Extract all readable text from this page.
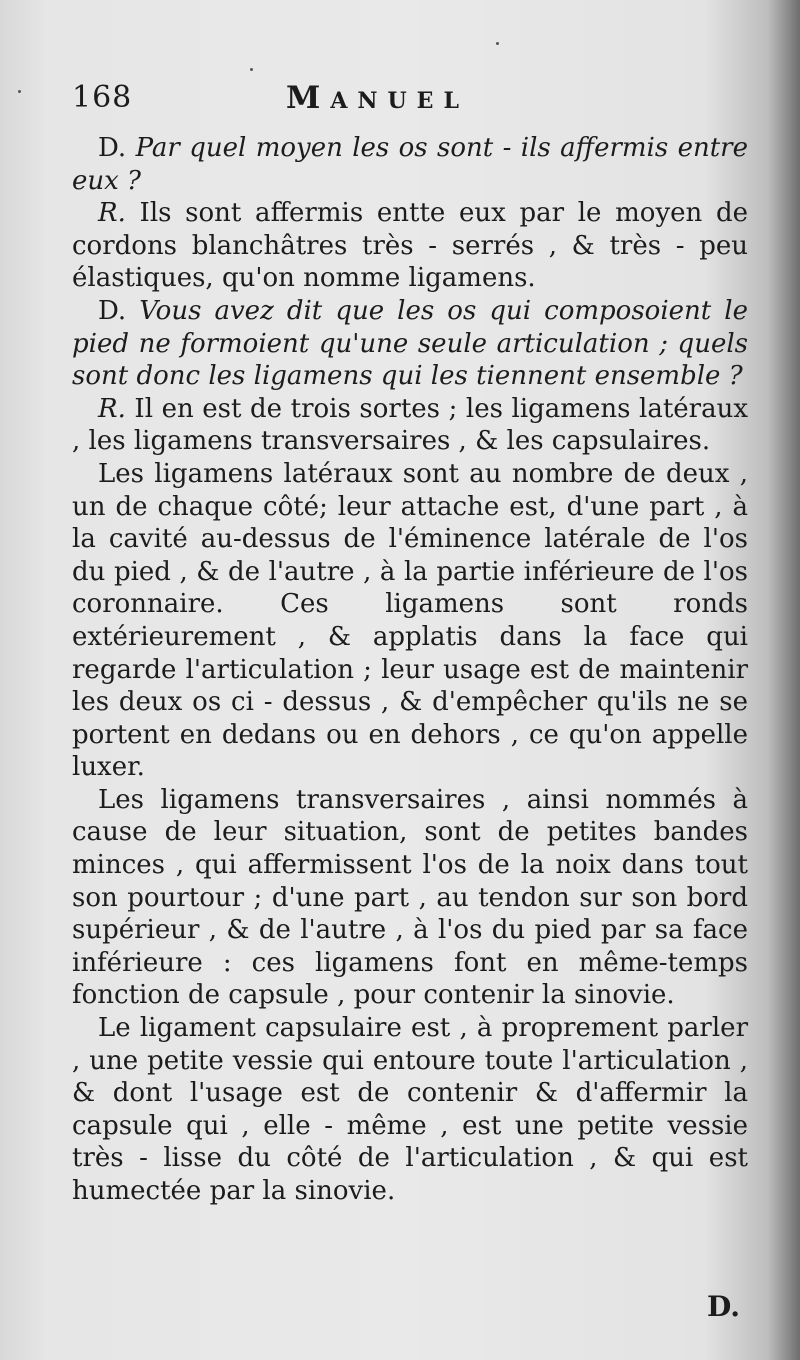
168	Manuel

D. Par quel moyen les os sont - ils affermis entre eux ?

R. Ils sont affermis entte eux par le moyen de cordons blanchâtres très - serrés , & très - peu élastiques, qu'on nomme ligamens.

D. Vous avez dit que les os qui composoient le pied ne formoient qu'une seule articulation ; quels sont donc les ligamens qui les tiennent ensemble ?

R. Il en est de trois sortes ; les ligamens latéraux , les ligamens transversaires , & les capsulaires.

Les ligamens latéraux sont au nombre de deux , un de chaque côté; leur attache est, d'une part , à la cavité au-dessus de l'éminence latérale de l'os du pied , & de l'autre , à la partie inférieure de l'os coronnaire. Ces ligamens sont ronds extérieurement , & applatis dans la face qui regarde l'articulation ; leur usage est de maintenir les deux os ci - dessus , & d'empêcher qu'ils ne se portent en dedans ou en dehors , ce qu'on appelle luxer.

Les ligamens transversaires , ainsi nommés à cause de leur situation, sont de petites bandes minces , qui affermissent l'os de la noix dans tout son pourtour ; d'une part , au tendon sur son bord supérieur , & de l'autre , à l'os du pied par sa face inférieure : ces ligamens font en même-temps fonction de capsule , pour contenir la sinovie.

Le ligament capsulaire est , à proprement parler , une petite vessie qui entoure toute l'articulation , & dont l'usage est de contenir & d'affermir la capsule qui , elle - même , est une petite vessie très - lisse du côté de l'articulation , & qui est humectée par la sinovie.

D.
